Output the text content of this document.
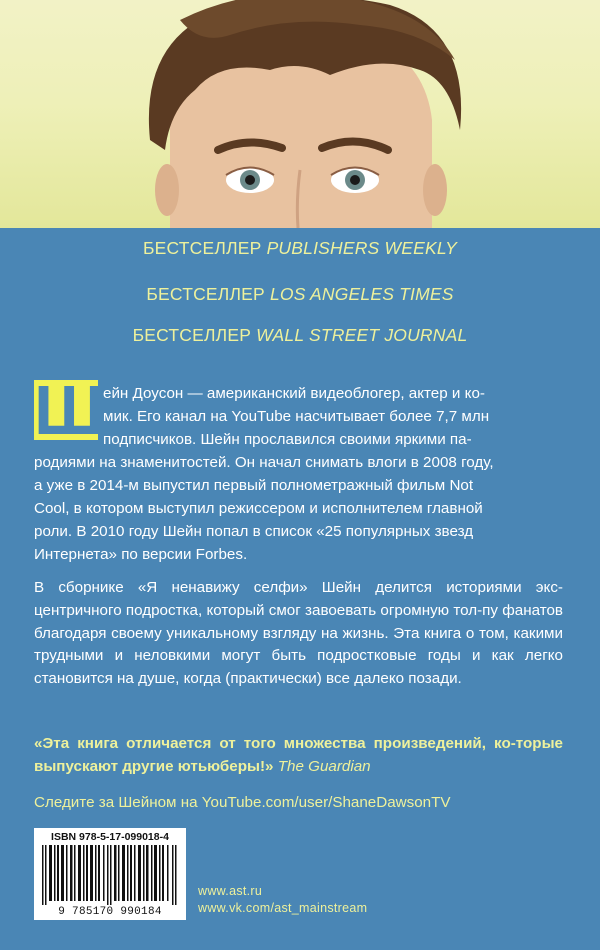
БЕСТСЕЛЛЕР PUBLISHERS WEEKLY
БЕСТСЕЛЛЕР LOS ANGELES TIMES
БЕСТСЕЛЛЕР WALL STREET JOURNAL
Ш
ейн Доусон — американский видеоблогер, актер и ко-
мик. Его канал на YouTube насчитывает более 7,7 млн
подписчиков. Шейн прославился своими яркими па-
родиями на знаменитостей. Он начал снимать влоги в 2008 году,
а уже в 2014-м выпустил первый полнометражный фильм Not
Cool, в котором выступил режиссером и исполнителем главной
роли. В 2010 году Шейн попал в список «25 популярных звезд
Интернета» по версии Forbes.

В сборнике «Я ненавижу селфи» Шейн делится историями экс-центричного подростка, который смог завоевать огромную тол-пу фанатов благодаря своему уникальному взгляду на жизнь. Эта книга о том, какими трудными и неловкими могут быть подростковые годы и как легко становится на душе, когда (практически) все далеко позади.

«Эта книга отличается от того множества произведений, ко-торые выпускают другие ютьюберы!» The Guardian
Следите за Шейном на YouTube.com/user/ShaneDawsonTV
ISBN 978-5-17-099018-4
9 785170 990184
www.ast.ru
www.vk.com/ast_mainstream
